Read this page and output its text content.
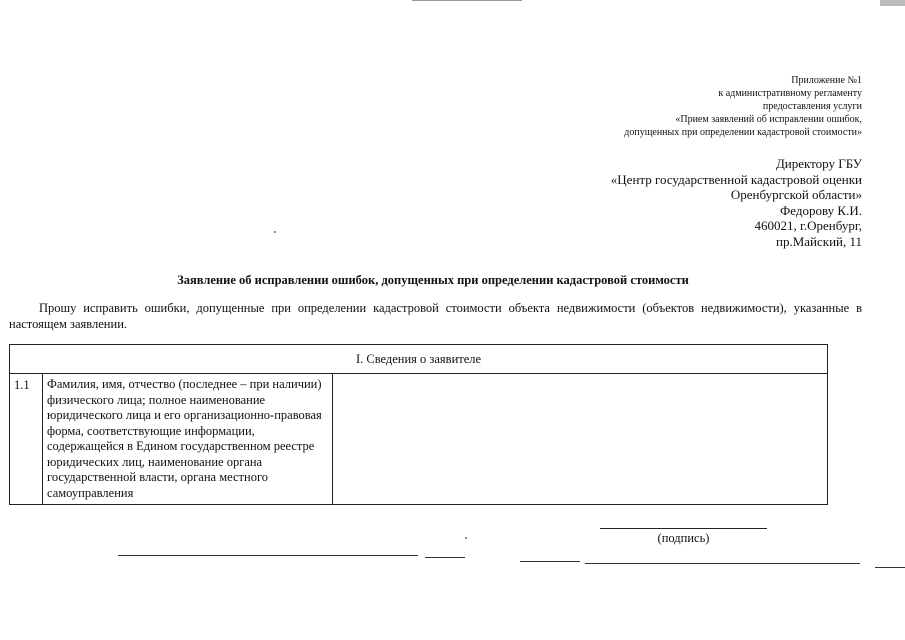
Приложение №1
к административному регламенту
предоставления услуги
«Прием заявлений об исправлении ошибок,
допущенных при определении кадастровой стоимости»
Директору ГБУ
«Центр государственной кадастровой оценки
Оренбургской области»
Федорову К.И.
460021, г.Оренбург,
пр.Майский, 11
Заявление об исправлении ошибок, допущенных при определении кадастровой стоимости
Прошу исправить ошибки, допущенные при определении кадастровой стоимости объекта недвижимости (объектов недвижимости), указанные в настоящем заявлении.
I. Сведения о заявителе
1.1	Фамилия, имя, отчество (последнее – при наличии) физического лица; полное наименование юридического лица и его организационно-правовая форма, соответствующие информации, содержащейся в Едином государственном реестре юридических лиц, наименование органа государственной власти, органа местного самоуправления	
(подпись)
